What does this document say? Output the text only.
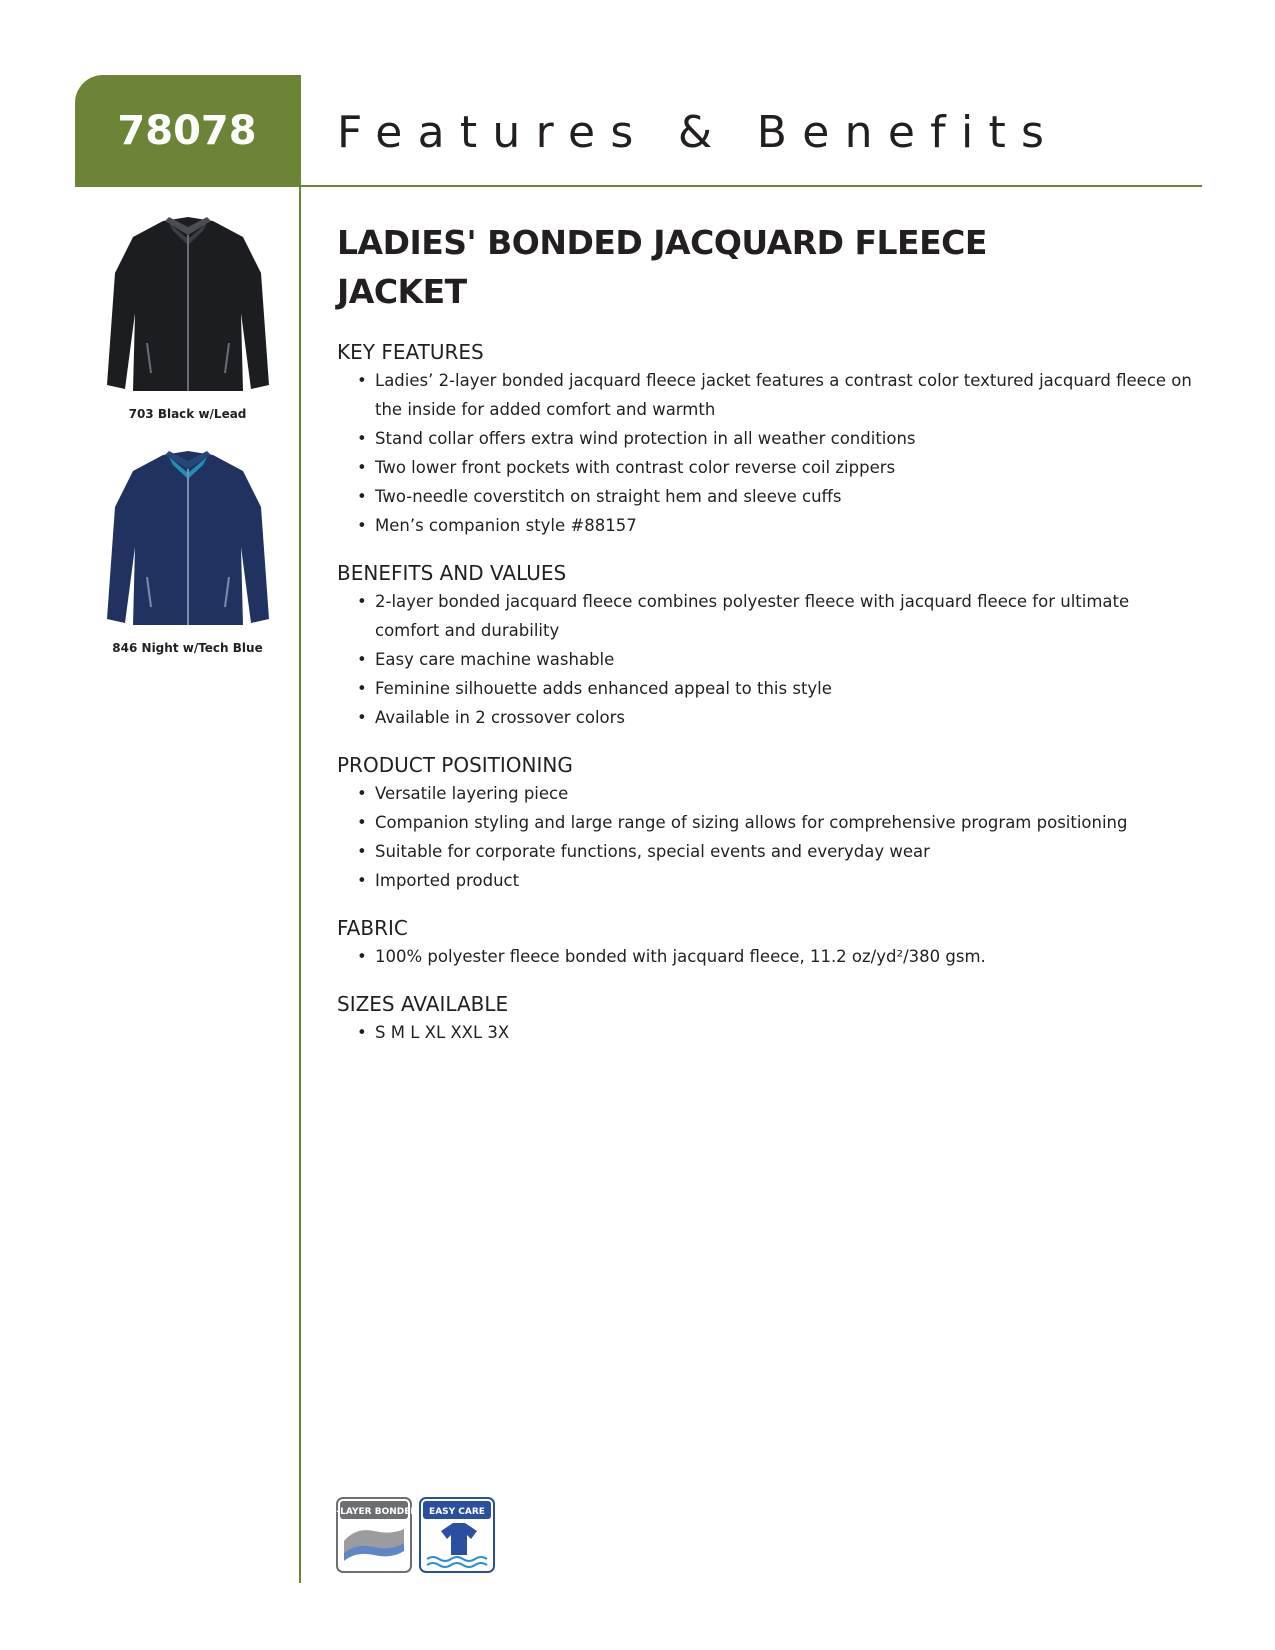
78078 Features & Benefits
703 Black w/Lead
846 Night w/Tech Blue
LADIES' BONDED JACQUARD FLEECE
JACKET
KEY FEATURES
• Ladies’ 2-layer bonded jacquard fleece jacket features a contrast color textured jacquard fleece on the inside for added comfort and warmth
• Stand collar offers extra wind protection in all weather conditions
• Two lower front pockets with contrast color reverse coil zippers
• Two-needle coverstitch on straight hem and sleeve cuffs
• Men’s companion style #88157
BENEFITS AND VALUES
• 2-layer bonded jacquard fleece combines polyester fleece with jacquard fleece for ultimate comfort and durability
• Easy care machine washable
• Feminine silhouette adds enhanced appeal to this style
• Available in 2 crossover colors
PRODUCT POSITIONING
• Versatile layering piece
• Companion styling and large range of sizing allows for comprehensive program positioning
• Suitable for corporate functions, special events and everyday wear
• Imported product
FABRIC
• 100% polyester fleece bonded with jacquard fleece, 11.2 oz/yd²/380 gsm.
SIZES AVAILABLE
• S M L XL XXL 3X
2-LAYER BONDED EASY CARE
